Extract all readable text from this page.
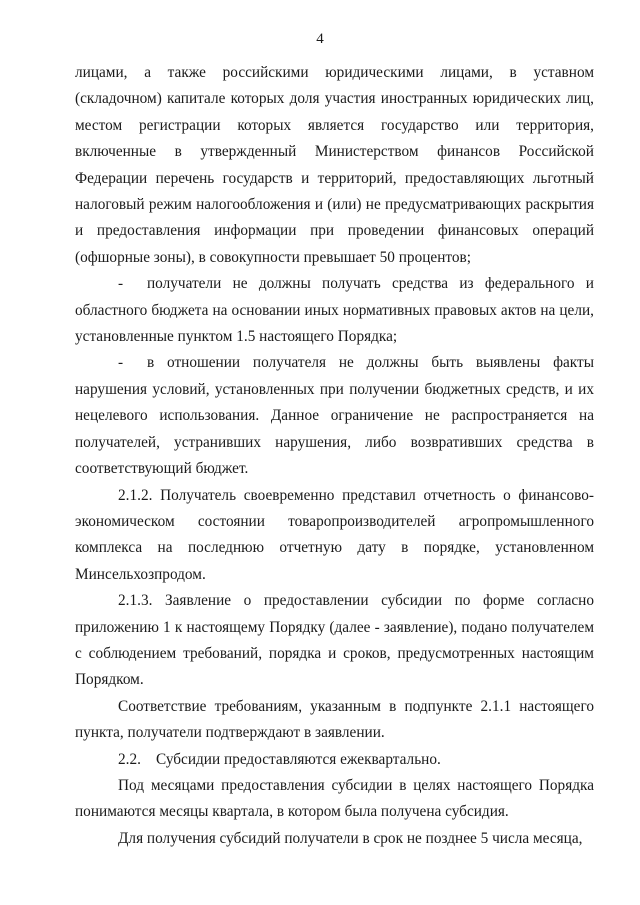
4

лицами, а также российскими юридическими лицами, в уставном (складочном) капитале которых доля участия иностранных юридических лиц, местом регистрации которых является государство или территория, включенные в утвержденный Министерством финансов Российской Федерации перечень государств и территорий, предоставляющих льготный налоговый режим налогообложения и (или) не предусматривающих раскрытия и предоставления информации при проведении финансовых операций (офшорные зоны), в совокупности превышает 50 процентов;

- получатели не должны получать средства из федерального и областного бюджета на основании иных нормативных правовых актов на цели, установленные пунктом 1.5 настоящего Порядка;

- в отношении получателя не должны быть выявлены факты нарушения условий, установленных при получении бюджетных средств, и их нецелевого использования. Данное ограничение не распространяется на получателей, устранивших нарушения, либо возвративших средства в соответствующий бюджет.

2.1.2. Получатель своевременно представил отчетность о финансово-экономическом состоянии товаропроизводителей агропромышленного комплекса на последнюю отчетную дату в порядке, установленном Минсельхозпродом.

2.1.3. Заявление о предоставлении субсидии по форме согласно приложению 1 к настоящему Порядку (далее - заявление), подано получателем с соблюдением требований, порядка и сроков, предусмотренных настоящим Порядком.

Соответствие требованиям, указанным в подпункте 2.1.1 настоящего пункта, получатели подтверждают в заявлении.

2.2. Субсидии предоставляются ежеквартально.

Под месяцами предоставления субсидии в целях настоящего Порядка понимаются месяцы квартала, в котором была получена субсидия.

Для получения субсидий получатели в срок не позднее 5 числа месяца,
